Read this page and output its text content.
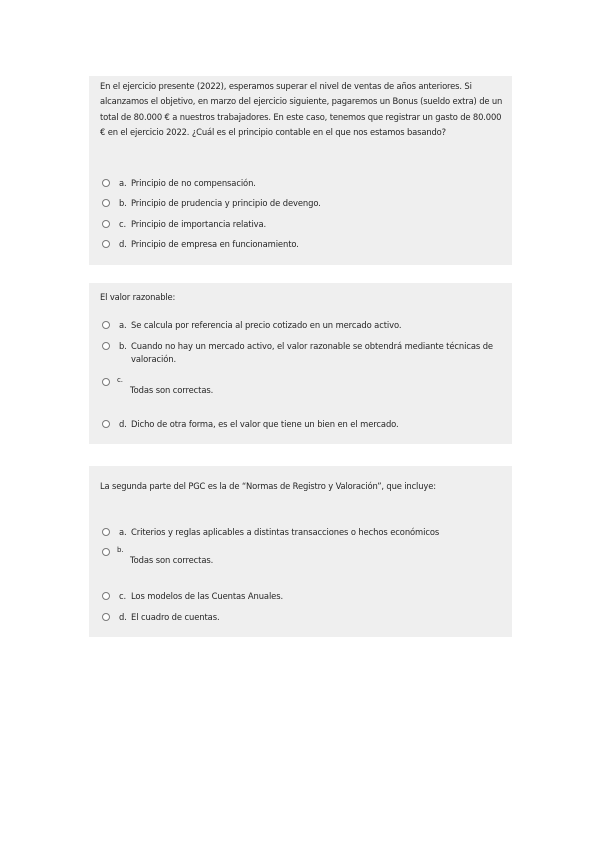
En el ejercicio presente (2022), esperamos superar el nivel de ventas de años anteriores. Si
alcanzamos el objetivo, en marzo del ejercicio siguiente, pagaremos un Bonus (sueldo extra) de un
total de 80.000 € a nuestros trabajadores. En este caso, tenemos que registrar un gasto de 80.000
€ en el ejercicio 2022. ¿Cuál es el principio contable en el que nos estamos basando?
a. Principio de no compensación.
b. Principio de prudencia y principio de devengo.
c. Principio de importancia relativa.
d. Principio de empresa en funcionamiento.
El valor razonable:
a. Se calcula por referencia al precio cotizado en un mercado activo.
b. Cuando no hay un mercado activo, el valor razonable se obtendrá mediante técnicas de
valoración.
c.
Todas son correctas.
d. Dicho de otra forma, es el valor que tiene un bien en el mercado.
La segunda parte del PGC es la de “Normas de Registro y Valoración”, que incluye:
a. Criterios y reglas aplicables a distintas transacciones o hechos económicos
b.
Todas son correctas.
c. Los modelos de las Cuentas Anuales.
d. El cuadro de cuentas.
